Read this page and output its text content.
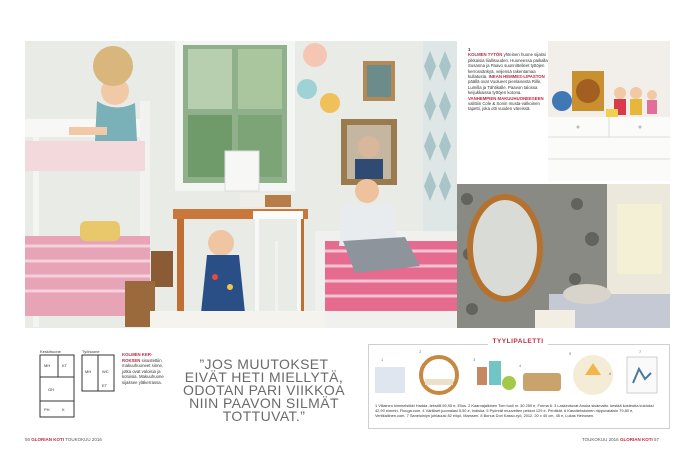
1
KOLMEN TYTÖN yhteinen huone sijaitsi pikkaisia liiallisuuden. Huoneessa paikalla Susanna ja Paavo suunnittelleet tyttöjen kerrossänkyä, veljensä rakentamaa kullatusta. INEAN HEMMES-LIPASTON päällä ovat Vuolueet pienlaisesta Rille, Lumilla ja Tähtikalle. Paavon talossa keijukkaissa tyttöjen kotona. VANHEMPIEN MAKUUHUONEESEEN valittiin Cole & Sonin musta-valkoinen tapetti, joka otti vuoden väreissä.
Keskihuone	Työhuone
MH	KT
OH
K
PH
MH	WC
ET
KOLMEN KER-ROKSEN sisustettiin makuuhuoneet sinne, jotka ovat valoisia ja kotoisia. Makuuhuone sijaitsee yläkerrassa.
”JOS MUUTOKSET EIVÄT HETI MIELLYTÄ, ODOTAN PARI VIIKKOA NIIN PAAVON SILMÄT TOTTUVAT.”
1
2
3
4
5
6
7
TYYLIPALETTI
1 Villainen kimmelsilkki Hadda -tekstiili 59,95 e, Ellos. 2 Kaarnajalkinen Tom tuoli nr. 30 259 e, Forma 6. 3 Laskeutuvat Anuka sisämatto. kestää kosteutta kuiduksi 42,90 e/metri, Fluuga.com. 4 Värilliset juomalasi 5,50 e, Indiska. 5 Pyöreät muuvetten pekkot 129 e. Pentikät. 6 Kasvitekstoinen riippuvalaisin 79,80 e, Vertikallinen.com. 7 Saneluiniyn juhlauusi 82 e/kpl, Marssen. 8 Bonus Dori Kasso-ryö, 2012. 20 x 40 cm, 45 e, Lukas Heinosen.
56 GLORIAN KOTI TOUKOKUU 2016	TOUKOKUU 2016 GLORIAN KOTI 57
